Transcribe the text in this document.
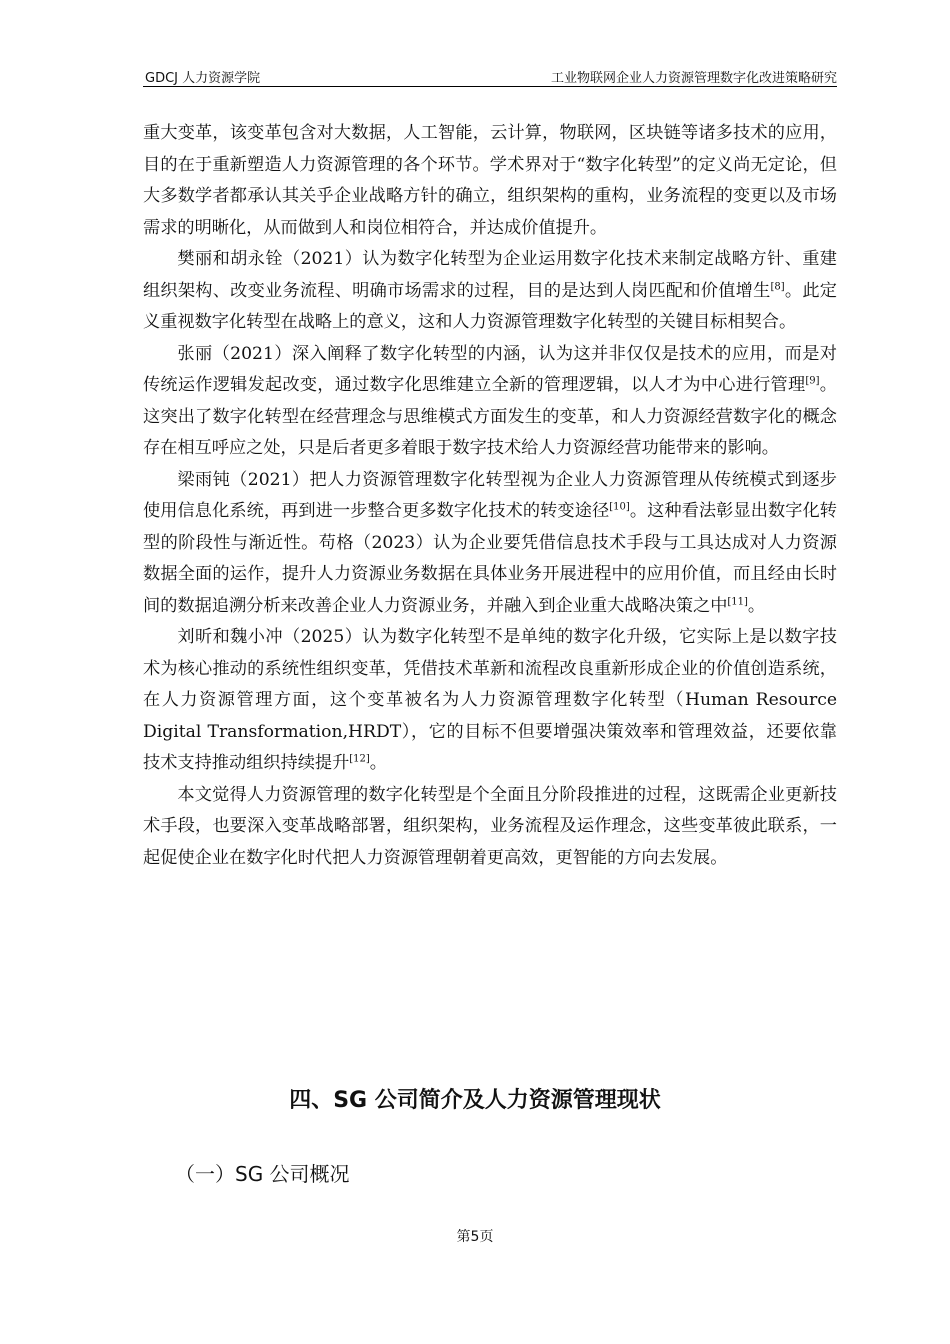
GDCJ 人力资源学院	工业物联网企业人力资源管理数字化改进策略研究

重大变革，该变革包含对大数据，人工智能，云计算，物联网，区块链等诸多技术的应用，目的在于重新塑造人力资源管理的各个环节。学术界对于“数字化转型”的定义尚无定论，但大多数学者都承认其关乎企业战略方针的确立，组织架构的重构，业务流程的变更以及市场需求的明晰化，从而做到人和岗位相符合，并达成价值提升。

樊丽和胡永铨（2021）认为数字化转型为企业运用数字化技术来制定战略方针、重建组织架构、改变业务流程、明确市场需求的过程，目的是达到人岗匹配和价值增生[8]。此定义重视数字化转型在战略上的意义，这和人力资源管理数字化转型的关键目标相契合。

张丽（2021）深入阐释了数字化转型的内涵，认为这并非仅仅是技术的应用，而是对传统运作逻辑发起改变，通过数字化思维建立全新的管理逻辑，以人才为中心进行管理[9]。这突出了数字化转型在经营理念与思维模式方面发生的变革，和人力资源经营数字化的概念存在相互呼应之处，只是后者更多着眼于数字技术给人力资源经营功能带来的影响。

梁雨钝（2021）把人力资源管理数字化转型视为企业人力资源管理从传统模式到逐步使用信息化系统，再到进一步整合更多数字化技术的转变途径[10]。这种看法彰显出数字化转型的阶段性与渐近性。苟格（2023）认为企业要凭借信息技术手段与工具达成对人力资源数据全面的运作，提升人力资源业务数据在具体业务开展进程中的应用价值，而且经由长时间的数据追溯分析来改善企业人力资源业务，并融入到企业重大战略决策之中[11]。

刘昕和魏小冲（2025）认为数字化转型不是单纯的数字化升级，它实际上是以数字技术为核心推动的系统性组织变革，凭借技术革新和流程改良重新形成企业的价值创造系统，在人力资源管理方面，这个变革被名为人力资源管理数字化转型（Human Resource Digital Transformation,HRDT），它的目标不但要增强决策效率和管理效益，还要依靠技术支持推动组织持续提升[12]。

本文觉得人力资源管理的数字化转型是个全面且分阶段推进的过程，这既需企业更新技术手段，也要深入变革战略部署，组织架构，业务流程及运作理念，这些变革彼此联系，一起促使企业在数字化时代把人力资源管理朝着更高效，更智能的方向去发展。

四、SG 公司简介及人力资源管理现状
（一）SG 公司概况
第5页
